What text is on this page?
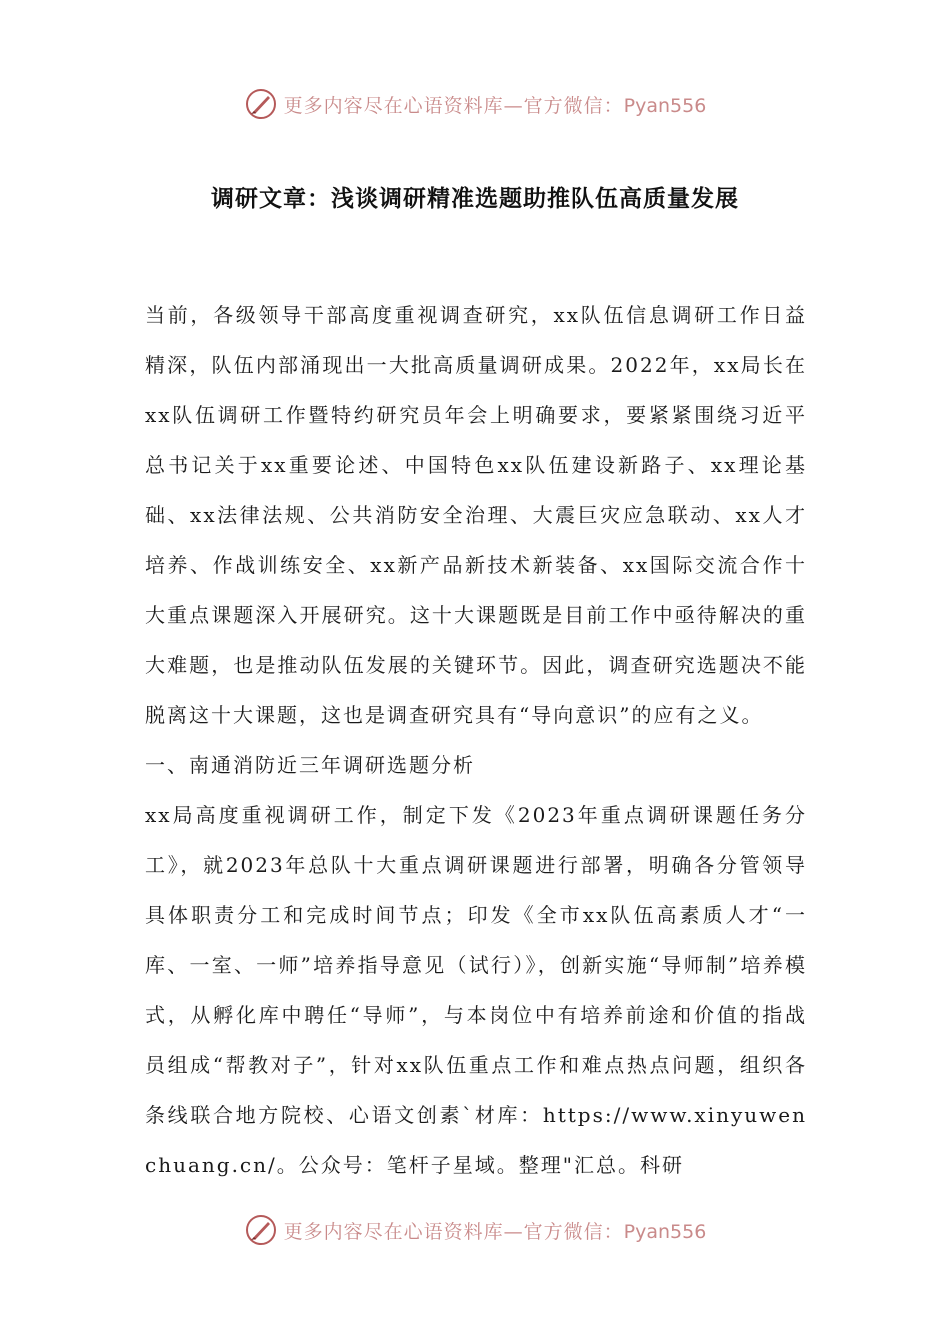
更多内容尽在心语资料库—官方微信：Pyan556
调研文章：浅谈调研精准选题助推队伍高质量发展

当前，各级领导干部高度重视调查研究，xx队伍信息调研工作日益精深，队伍内部涌现出一大批高质量调研成果。2022年，xx局长在xx队伍调研工作暨特约研究员年会上明确要求，要紧紧围绕习近平总书记关于xx重要论述、中国特色xx队伍建设新路子、xx理论基础、xx法律法规、公共消防安全治理、大震巨灾应急联动、xx人才培养、作战训练安全、xx新产品新技术新装备、xx国际交流合作十大重点课题深入开展研究。这十大课题既是目前工作中亟待解决的重大难题，也是推动队伍发展的关键环节。因此，调查研究选题决不能脱离这十大课题，这也是调查研究具有“导向意识”的应有之义。

一、南通消防近三年调研选题分析

xx局高度重视调研工作，制定下发《2023年重点调研课题任务分工》，就2023年总队十大重点调研课题进行部署，明确各分管领导具体职责分工和完成时间节点；印发《全市xx队伍高素质人才“一库、一室、一师”培养指导意见（试行）》，创新实施“导师制”培养模式，从孵化库中聘任“导师”，与本岗位中有培养前途和价值的指战员组成“帮教对子”，针对xx队伍重点工作和难点热点问题，组织各条线联合地方院校、心语文创素`材库：https://www.xinyuwenchuang.cn/。公众号：笔杆子星域。整理"汇总。科研

更多内容尽在心语资料库—官方微信：Pyan556
